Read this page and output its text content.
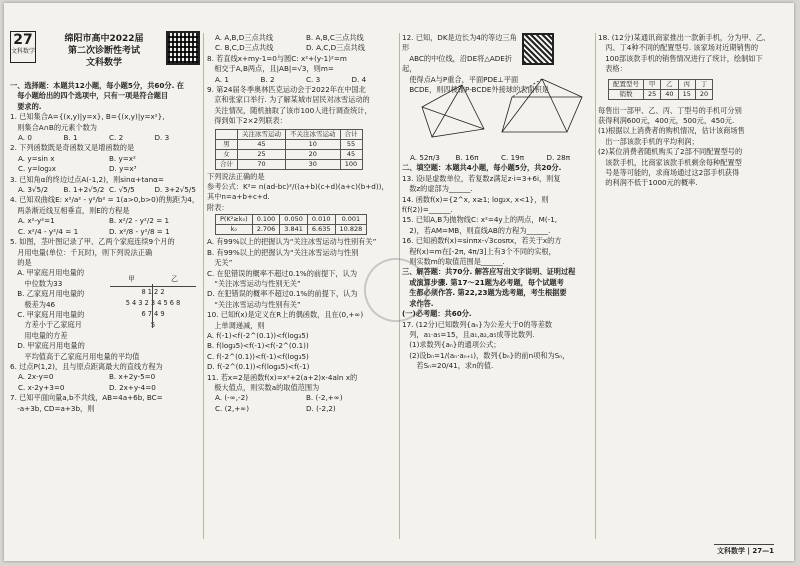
27
文科数学
绵阳市高中2022届
第二次诊断性考试
文科数学

一、选择题：本题共12小题，每小题5分，共60分. 在

　每小题给出的四个选项中，只有一项是符合题目

　要求的.

1. 已知集合A={(x,y)|y=x}, B={(x,y)|y=x²},

　则集合A∩B的元素个数为

A. 0	B. 1	C. 2	D. 3

2. 下列函数既是奇函数又是增函数的是

A. y=sin x	B. y=x²
C. y=log₂x	D. y=x³

3. 已知角α的终边过点A(-1,2)，则sinα+tanα=

A. 3√5/2	B. 1+2√5/2 C. √5/5	D. 3+2√5/5

4. 已知双曲线E: x²/a² - y²/b² = 1(a>0,b>0)的焦距为4，

　两条渐近线互相垂直，则E的方程是

A. x²-y²=1	B. x²/2 - y²/2 = 1
C. x²/4 - y²/4 = 1	D. x²/8 - y²/8 = 1

5. 如图，茎叶图记录了甲、乙两个家庭连续9个月的

　月用电量(单位：千瓦时)，则下列说法正确

　的是

　A. 甲家庭月用电量的

　　中位数为33

　B. 乙家庭月用电量的

　　极差为46

　C. 甲家庭月用电量的

　　方差小于乙家庭月

　　用电量的方差

　D. 甲家庭月用电量的

甲	乙
8 1 2 2
5 4 3 2 3 4 5 6 8
6 7 4 9
5

　　平均值高于乙家庭月用电量的平均值

6. 过点P(1,2)，且与原点距离最大的直线方程为

A. 2x-y=0	B. x+2y-5=0
C. x-2y+3=0	D. 2x+y-4=0

7. 已知平面向量a,b不共线，AB=4a+6b, BC=

　-a+3b, CD=a+3b，则

A. A,B,D三点共线	B. A,B,C三点共线
C. B,C,D三点共线	D. A,C,D三点共线

8. 若直线x+my-1=0与圆C: x²+(y-1)²=m

　相交于A,B两点，且|AB|=√3，则m=

A. 1	B. 2	C. 3	D. 4

9. 第24届冬季奥林匹克运动会于2022年在中国北

　京和张家口举行. 为了解某城市居民对冰雪运动的

　关注情况，随机抽取了该市100人进行调查统计，

　得到如下2×2列联表：

	关注冰雪运动	不关注冰雪运动	合计
男	45	10	55
女	25	20	45
合计	70	30	100

下列说法正确的是

参考公式：K²= n(ad-bc)²/((a+b)(c+d)(a+c)(b+d))，

其中n=a+b+c+d.

附表：

P(K²≥k₀)	0.100	0.050	0.010	0.001
k₀	2.706	3.841	6.635	10.828

A. 有99%以上的把握认为“关注冰雪运动与性别有关”

B. 有99%以上的把握认为“关注冰雪运动与性别

　无关”

C. 在犯错误的概率不超过0.1%的前提下，认为

　“关注冰雪运动与性别无关”

D. 在犯错误的概率不超过0.1%的前提下，认为

　“关注冰雪运动与性别有关”

10. 已知f(x)是定义在R上的偶函数，且在(0,+∞)

　上单调递减，则

A. f(-1)<f(-2^(0.1))<f(log₃5)

B. f(log₃5)<f(-1)<f(-2^(0.1))

C. f(-2^(0.1))<f(-1)<f(log₃5)

D. f(-2^(0.1))<f(log₃5)<f(-1)

11. 若x=2是函数f(x)=x²+2(a+2)x-4aln x的

　极大值点，则实数a的取值范围为

A. (-∞,-2)	B. (-2,+∞)
C. (2,+∞)	D. (-2,2)

12. 已知，DK是边长为4的等边三角形

　ABC的中位线，沿DE将△ADE折起，

　使得点A与P重合，平面PDE⊥平面

　BCDE，则四棱锥P-BCDE外接球的表面积是

A. 52π/3	B. 16π	C. 19π	D. 28π

二、填空题：本题共4小题，每小题5分，共20分.

13. 设i是虚数单位，若复数z满足z·i=3+6i，则复

　数z的虚部为______.

14. 函数f(x)={2^x, x≥1; log₂x, x<1}，则f(f(2))=______.

15. 已知A,B为抛物线C: x²=4y上的两点，M(-1,

　2)，若AM=MB，则直线AB的方程为______.

16. 已知函数f(x)=sinπx-√3cosπx，若关于x的方

　程f(x)=m在[-2π, 4π/3]上有3个不同的实根，

　则实数m的取值范围是______.

三、解答题：共70分. 解答应写出文字说明、证明过程

　或演算步骤. 第17～21题为必考题，每个试题考

　生都必须作答. 第22,23题为选考题，考生根据要

　求作答.

(一)必考题：共60分.

17. (12分)已知数列{aₙ}为公差大于0的等差数

　列，a₁·a₅=15，且a₁,a₂,a₅成等比数列.

　(1)求数列{aₙ}的通项公式；

　(2)设bₙ=1/(aₙ·aₙ₊₁)，数列{bₙ}的前n项和为Sₙ，

　　若Sₙ=20/41，求n的值.

18. (12分)某通讯商家推出一款新手机，分为甲、乙、

　丙、丁4种不同的配置型号. 该家场对近期销售的

　100部该款手机的销售情况进行了统计，绘制如下

　表格：

配置型号	甲	乙	丙	丁
销数	25	40	15	20

每售出一部甲、乙、丙、丁型号的手机可分别

获得利润600元，400元，500元，450元.

(1)根据以上消费者的购机情况，估计该商场售

　出一部该款手机的平均利润；

(2)某位消费者随机购买了2部不同配置型号的

　该款手机，比商家该款手机剩余每种配置型

　号是等可能的，求商场通过这2部手机获得

　的利润不低于1000元的概率.

文科数学 | 27—1
